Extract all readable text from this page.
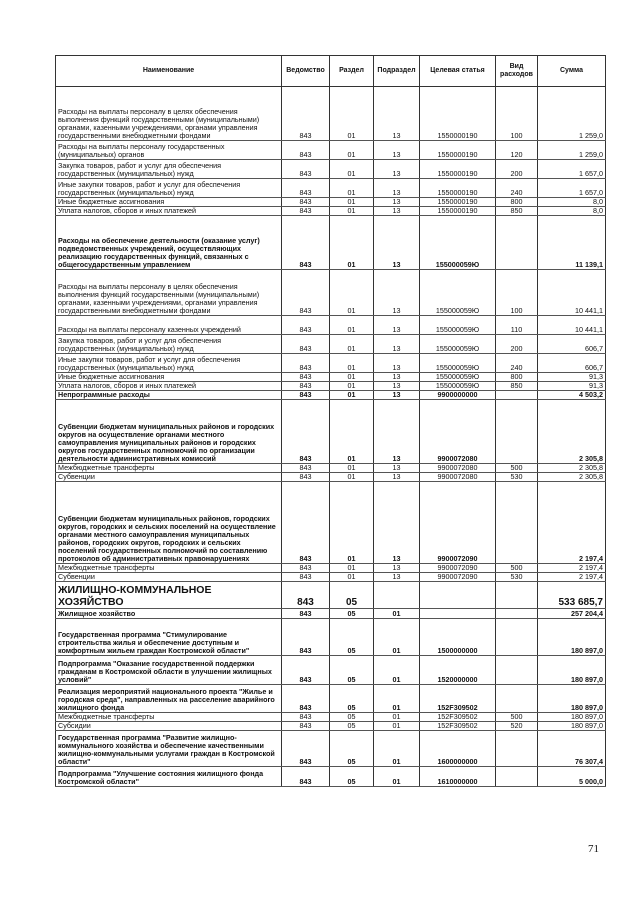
Наименование	Ведомство	Раздел	Подраздел	Целевая статья	Вид расходов	Сумма
Расходы на выплаты персоналу в целях обеспечения выполнения функций государственными (муниципальными) органами, казенными учреждениями, органами управления государственными внебюджетными фондами	843	01	13	1550000190	100	1 259,0
Расходы на выплаты персоналу государственных (муниципальных) органов	843	01	13	1550000190	120	1 259,0
Закупка товаров, работ и услуг для обеспечения государственных (муниципальных) нужд	843	01	13	1550000190	200	1 657,0
Иные закупки товаров, работ и услуг для обеспечения государственных (муниципальных) нужд	843	01	13	1550000190	240	1 657,0
Иные бюджетные ассигнования	843	01	13	1550000190	800	8,0
Уплата налогов, сборов и иных платежей	843	01	13	1550000190	850	8,0
Расходы на обеспечение деятельности (оказание услуг) подведомственных учреждений, осуществляющих реализацию государственных функций, связанных с общегосударственным управлением	843	01	13	155000059Ю		11 139,1
Расходы на выплаты персоналу в целях обеспечения выполнения функций государственными (муниципальными) органами, казенными учреждениями, органами управления государственными внебюджетными фондами	843	01	13	155000059Ю	100	10 441,1
Расходы на выплаты персоналу казенных учреждений	843	01	13	155000059Ю	110	10 441,1
Закупка товаров, работ и услуг для обеспечения государственных (муниципальных) нужд	843	01	13	155000059Ю	200	606,7
Иные закупки товаров, работ и услуг для обеспечения государственных (муниципальных) нужд	843	01	13	155000059Ю	240	606,7
Иные бюджетные ассигнования	843	01	13	155000059Ю	800	91,3
Уплата налогов, сборов и иных платежей	843	01	13	155000059Ю	850	91,3
Непрограммные расходы	843	01	13	9900000000		4 503,2
Субвенции бюджетам муниципальных районов и городских округов на осуществление органами местного самоуправления муниципальных районов и городских округов государственных полномочий по организации деятельности административных комиссий	843	01	13	9900072080		2 305,8
Межбюджетные трансферты	843	01	13	9900072080	500	2 305,8
Субвенции	843	01	13	9900072080	530	2 305,8
Субвенции бюджетам муниципальных районов, городских округов, городских и сельских поселений на осуществление органами местного самоуправления муниципальных районов, городских округов, городских и сельских поселений государственных полномочий по составлению протоколов об административных правонарушениях	843	01	13	9900072090		2 197,4
Межбюджетные трансферты	843	01	13	9900072090	500	2 197,4
Субвенции	843	01	13	9900072090	530	2 197,4
ЖИЛИЩНО-КОММУНАЛЬНОЕ ХОЗЯЙСТВО	843	05				533 685,7
Жилищное хозяйство	843	05	01			257 204,4
Государственная программа "Стимулирование строительства жилья и обеспечение доступным и комфортным жильем граждан Костромской области"	843	05	01	1500000000		180 897,0
Подпрограмма "Оказание государственной поддержки гражданам в Костромской области в улучшении жилищных условий"	843	05	01	1520000000		180 897,0
Реализация мероприятий национального проекта "Жилье и городская среда", направленных на расселение аварийного жилищного фонда	843	05	01	152F309502		180 897,0
Межбюджетные трансферты	843	05	01	152F309502	500	180 897,0
Субсидии	843	05	01	152F309502	520	180 897,0
Государственная программа "Развитие жилищно-коммунального хозяйства и обеспечение качественными жилищно-коммунальными услугами граждан в Костромской области"	843	05	01	1600000000		76 307,4
Подпрограмма "Улучшение состояния жилищного фонда Костромской области"	843	05	01	1610000000		5 000,0
71
